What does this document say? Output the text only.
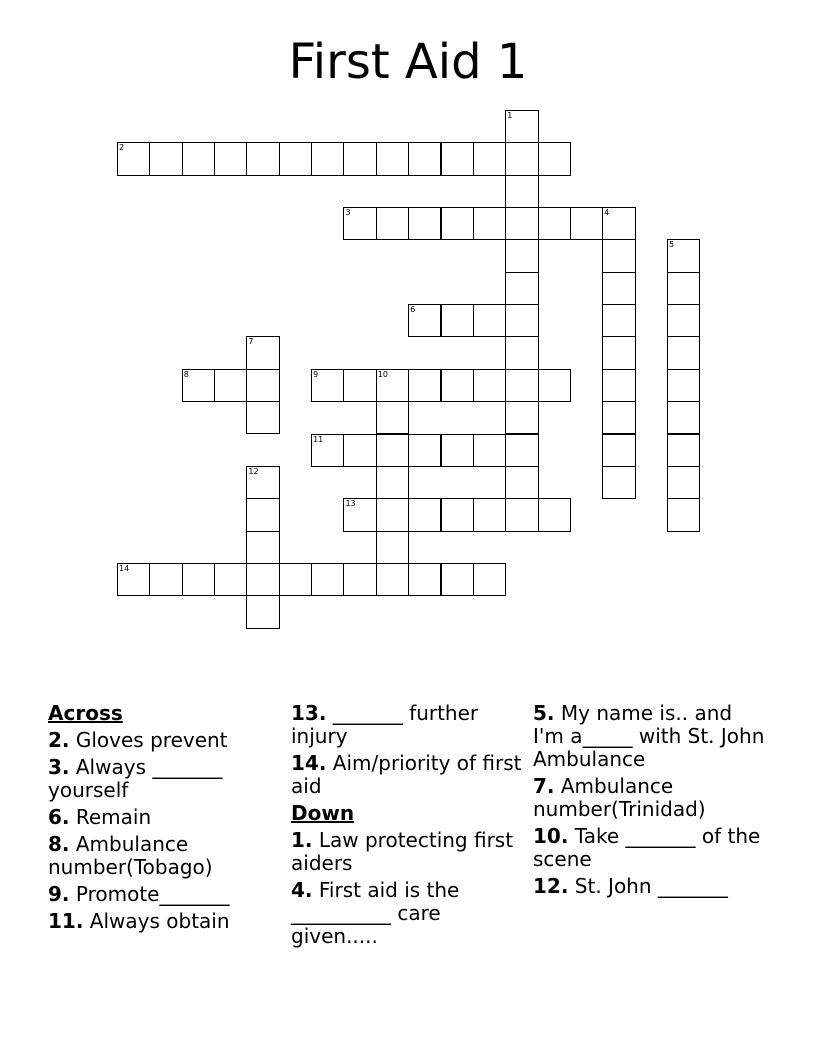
First Aid 1
1
2
3	4
5
6
7
8	9	10
11
12
13
14
Across
2. Gloves prevent
3. Always _______ yourself
6. Remain
8. Ambulance number(Tobago)
9. Promote_______
11. Always obtain
13. _______ further injury
14. Aim/priority of first aid
Down
1. Law protecting first aiders
4. First aid is the __________ care given.....
5. My name is.. and I'm a_____ with St. John Ambulance
7. Ambulance number(Trinidad)
10. Take _______ of the scene
12. St. John _______
